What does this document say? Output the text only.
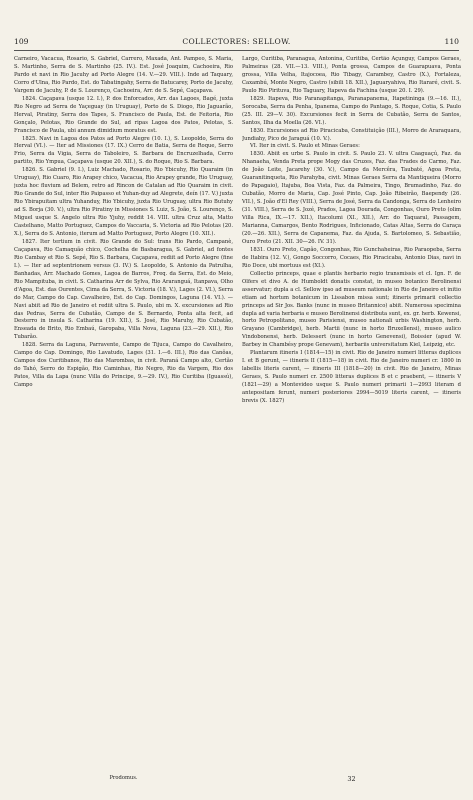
109	COLLECTORES: SELLOW.	110

Carneiro, Vacacua, Rosario, S. Gabriel, Carrero, Maxada, Ant. Pampeo, S. Maria, S. Martinho, Serra de S. Martinho (25. IV.). Est. José Joaquim, Cachoeira, Rio Pardo et navi in Rio Jacuhy ad Porto Alegre (14. V.—29. VIII.). Inde ad Taquary, Corro d'Ulna, Rio Pardo, Est. do Tabatingahy, Serra de Batucarey, Porto de Jacuhy, Vargem de Jacuhy, P. de S. Lourenço, Cachoeira, Arr. de S. Sepé, Caçapava.

1824. Caçapava (usque 12. I.), P. dos Enforcados, Arr. das Lagoes, Bagé, juxta Rio Negro ad Serra de Yaçeguay (in Uruguay), Porto de S. Diogo, Rio Jaguarão, Herval, Piratiny, Serra dos Tapes, S. Francisco de Paula, Est. de Feitoria, Rio Gonçalo, Pelotas, Rio Grande do Sul, ad ripas Lagoa dos Patos, Pelotas, S. Francisco de Paula, ubi annum dimidium moratus est.

1825. Navi in Lagoa dos Patos ad Porto Alegre (10. I.), S. Leopoldo, Serra do Herval (VI.). — Iter ad Missiones (17. IX.) Cerro de Batia, Serra de Roque, Serro Frio, Serra da Vigia, Serra do Taboleiro, S. Barbara de Encruzelhada, Cerro partito, Rio Ympua, Caçapava (usque 20. XII.), S. do Roque, Rio S. Barbara.

1826. S. Gabriel (9. I.), Luiz Machado, Rosario, Rio Ybicuhy, Rio Quaraim (in Uruguay), Rio Cuaro, Rio Arapey chico, Vacacua, Rio Arapey grande, Rio Uruguay, juxta hoc fluvium ad Belem, retro ad Rincon de Catalan ad Rio Quaraim in civit. Rio Grande do Sul, inter Rio Paipasso et Yuhan-duy ad Alegrete, deín (17. V.) juxta Rio Ybirapuitam ultra Yuhanduy, Rio Ybicuhy, juxta Rio Uruguay, ultra Rio Butuhy ad S. Borja (30. V.), ultra Rio Piratiny in Missiones S. Luiz, S. João, S. Lourenço, S. Miguel usque S. Angelo ultra Rio Yjuhy, reddit 14. VIII. ultra Cruz alta, Matto Castelhano, Matto Portuguez, Campos do Vaccaria, S. Victoria ad Rio Pelotas (20. X.), Serra do S. Antonio, iterum ad Matto Portuguez, Porto Alegre (10. XII.).

1827. Iter tertium in civit. Rio Grande do Sul: trans Rio Pardo, Campanè, Caçapava, Rio Camaquão chico, Cochelha de Basbaragua, S. Gabriel, ad fontes Rio Cambay et Rio S. Sepé, Rio S. Barbara, Caçapava, rediit ad Porto Alegre (fine I.). — Iter ad septentrionem versus (3. IV.) S. Leopoldo, S. Antonio da Patrulha, Banhadas, Arr. Machado Gomes, Lagoa de Barros, Freq. da Serra, Est. do Meio, Rio Mampituba, in civit. S. Catharina Arr de Sylva, Rio Araranguá, Itanpava, Olho d'Agoa, Est. das Ourentes, Cima da Serra, S. Victoria (18. V.), Lages (2. VI.), Serra do Mar, Campo do Cap. Cavalheiro, Est. do Cap. Domingos, Laguna (14. VI.). — Navi abiit ad Rio de Janeiro et rediit ultra S. Paulo, ubi m. X. excursiones ad Rio das Pedras, Serra de Cubatão, Campo de S. Bernardo, Ponta alta fecit, ad Desterro in insula S. Catharina (19. XII.), S. José, Rio Maruhy, Rio Cubatão, Enseada de Brito, Rio Embaú, Garopaba, Villa Nova, Laguna (23.—29. XII.), Rio Tubarão.

1828. Serra da Laguna, Parravente, Campo de Tijuca, Campo do Cavalheiro, Campo do Cap. Domingo, Rio Lavatudo, Lages (31. I.—6. III.), Rio das Canôas, Campos dos Curitibanos, Rio das Marombas, in civit. Paraná Campo alto, Certão do Tahó, Serro do Espigão, Rio Caminhas, Rio Negro, Rio da Vargem, Rio dos Patos, Villa da Lapa (nunc Villa do Principe, 9.—29. IV.), Rio Curitiba (Iguassú), Campo

Largo, Curitiba, Paranagua, Antonina, Curitiba, Certão Açunguy, Campos Geraes, Palmeiras (28. VII.—13. VIII.), Ponta grossa, Campos de Guarapuava, Ponta grossa, Villa Velha, Itajocoea, Rio Tibagy, Carambey, Castro (X.), Fortaleza, Caxambú, Monte Negro, Castro (sibili 18. XII.), Jaguaryahiva, Rio Itararé, civit. S. Paulo Rio Pirituva, Rio Taguary, Itapeva da Fachina (usque 20. I. 29).

1829. Itapeva, Rio Paranapitanga, Paranapanema, Itapetininga (9.—16. II.), Sorocaba, Serra da Penha, Ipanema, Campo do Pantago, S. Roque, Cotia, S. Paulo (25. III. 29—V. 30). Excursiones fecit in Serra de Cubatão, Serra de Santos, Santos, Ilha da Moella (26. VI.).

1830. Excursiones ad Rio Piracicaba, Constituição (III.), Morro de Araraquara, Jundiahy, Pico de Jaraguá (10. V.).

VI. Iter in civit. S. Paulo et Minas Geraes:

1830. Abiit ex urbe S. Paulo in civit. S. Paulo 23. V. ultra Caaguaçú, Faz. da Nhanaeha, Venda Preta prope Mogy das Cruzes, Faz. das Frades do Carmo, Faz. de João Leite, Jacarehy (30. V.), Campo da Mercêra, Taubaté, Agoa Preta, Guaranitinqueta, Rio Parahyba, civit. Minas Geraes Serra da Mantiqueira (Morro do Papagaio), Itajuba, Boa Vista, Faz. da Palmeira, Tingo, Brumadinho, Faz. do Cubatão, Morro de Maria, Cap. José Pinto, Cap. João Ribeirão, Baependy (26. VII.), S. João d'El Rey (VIII.), Serra de José, Serra da Candonga, Serra do Lenheiro (31. VIII.), Serra de S. Jozé, Prados, Lagoa Dourada, Congonhas, Ouro Preto (olim Villa Rica, IX.—17. XII.), Itacolumi (XI., XII.), Arr. do Taquaral, Passagem, Marianna, Camargos, Bento Rodrigues, Inficionado, Catas Altas, Serra do Caraça (20.—26. XII.), Serra de Capanema, Faz. da Ajuda, S. Bartolomeo, S. Sebastião, Ouro Preto (21. XII. 30—26. IV. 31).

1831. Ouro Preto, Capão, Congonhas, Rio Gunchaheiras, Rio Paraopeba, Serra de Itabira (12. V.), Gongo Soccorro, Cocaes, Rio Piracicaba, Antonio Dias, navi in Rio Doce, ubi mortuus est (XI.).

Collectio princeps, quae e plantis herbario regio transmissis et cl. Ign. F. de Olfers et divo A. de Humboldt donatis constat, in museo botanico Berolinensi asservatur; dupla a cl. Sellow ipso ad museum nationale in Rio de Janeiro et initio etiam ad hortum botanicum in Lissabon missa sunt; itineris primarii collectio princeps ad Sir Jos. Banks (nunc in museo Britannico) abiit. Numerosa specimina dupla ad varia herbaria e museo Berolinensi distributa sunt, ex. gr. herb. Kewensi, horto Petropolitano, museo Parisiensi, museo nationali urbis Washington, herb. Grayano (Cambridge), herb. Martii (nunc in horto Bruxellensi), museo aulico Vindobonensi, herb. Delessert (nunc in horto Genevensi), Boissier (apud W. Barbey in Chambésy prope Genevam), herbariis universitatum Kiel, Leipzig, etc.

Plantarum itineris I (1814—15) in civit. Rio de Janeiro numeri litteras duplices I. et B gerunt, — itineris II (1815—18) in civit. Rio de Janeiro numeri cr. 1800 in labellis literis carent, — itineris III (1818—20) in civit. Rio de Janeiro, Minas Geraes, S. Paulo numeri cr. 2500 litteras duplices B et c praebent, — itineris V (1821—29) a Montevideo usque S. Paulo numeri primarii 1—2993 literam d antepositam ferunt, numeri posteriores 2994—5019 literis carent, — itineris brevis (X. 1827)

Prodomus.	32
